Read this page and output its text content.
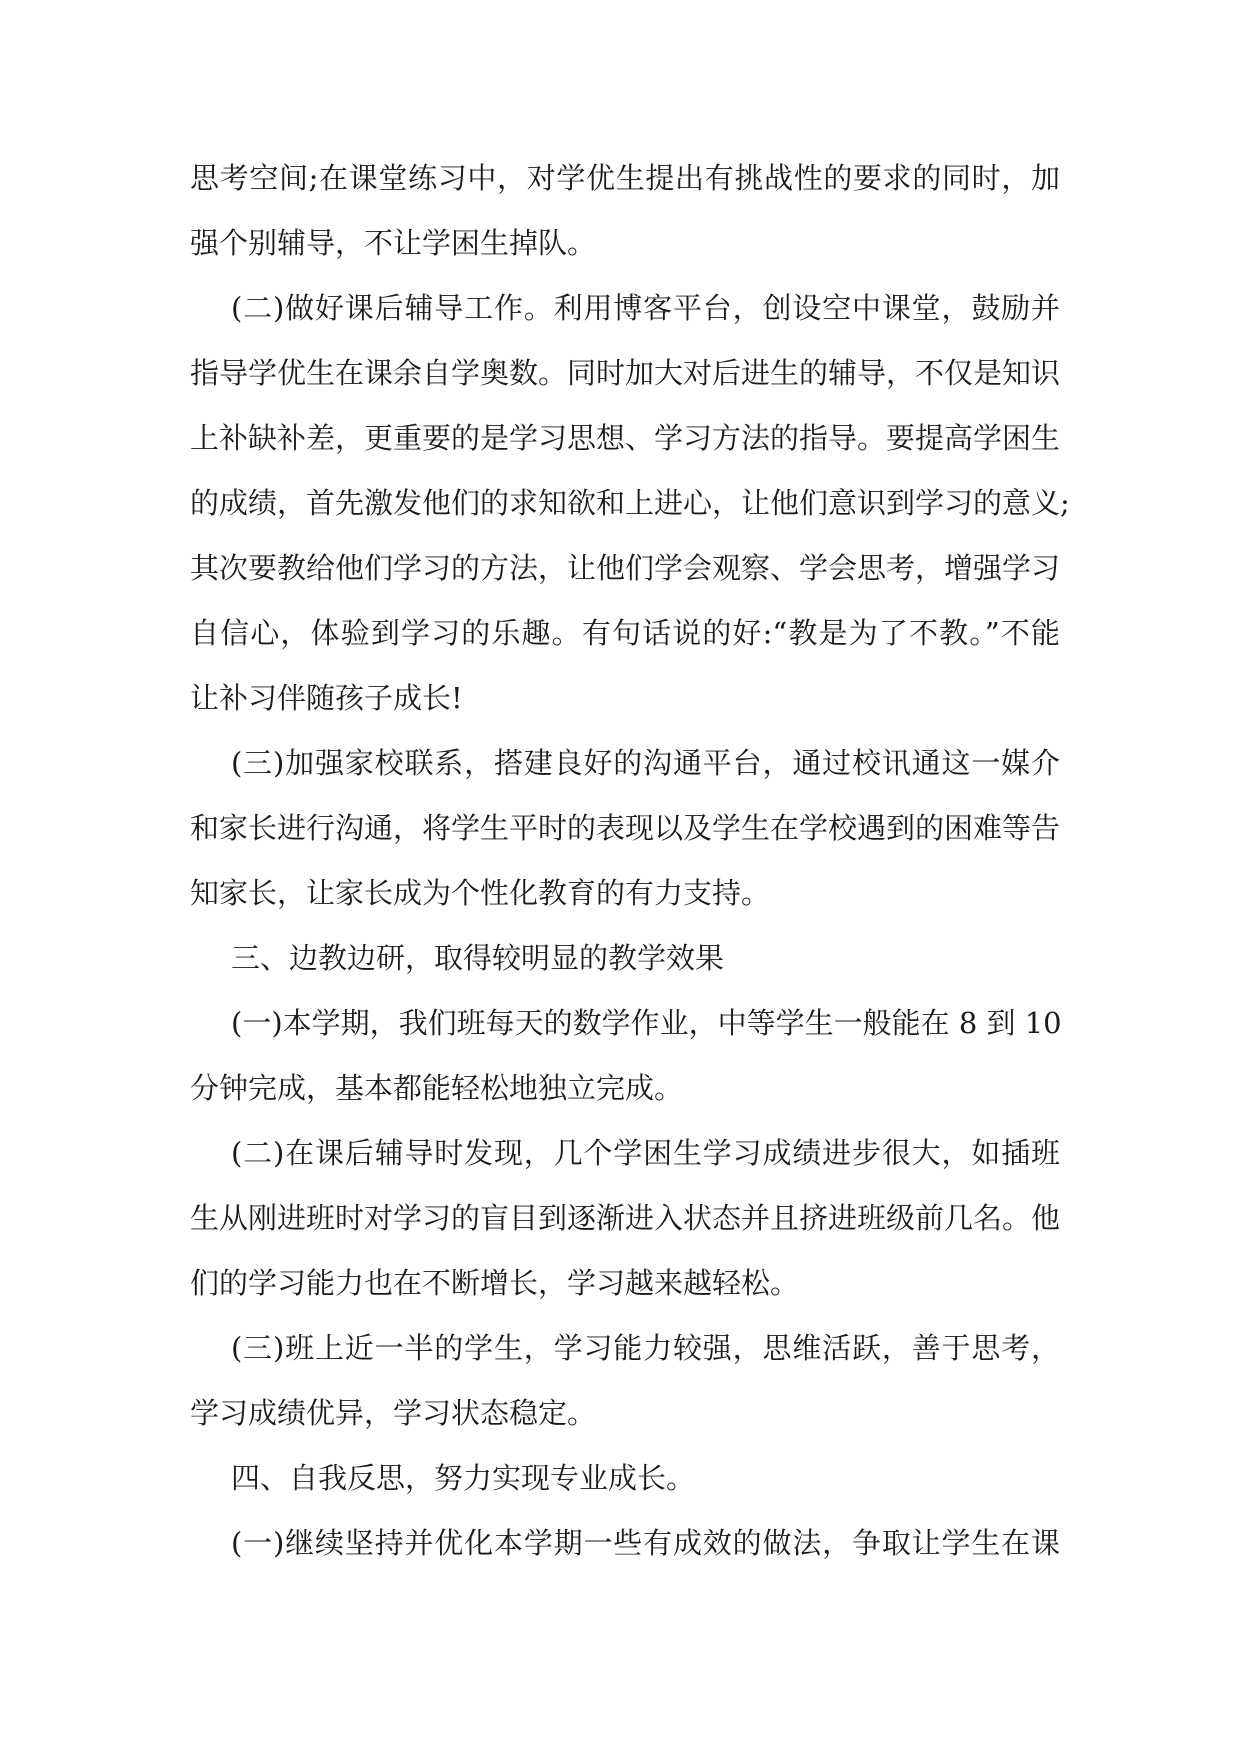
思考空间;在课堂练习中，对学优生提出有挑战性的要求的同时，加
强个别辅导，不让学困生掉队。
(二)做好课后辅导工作。利用博客平台，创设空中课堂，鼓励并
指导学优生在课余自学奥数。同时加大对后进生的辅导，不仅是知识
上补缺补差，更重要的是学习思想、学习方法的指导。要提高学困生
的成绩，首先激发他们的求知欲和上进心，让他们意识到学习的意义;
其次要教给他们学习的方法，让他们学会观察、学会思考，增强学习
自信心，体验到学习的乐趣。有句话说的好:“教是为了不教。”不能
让补习伴随孩子成长!
(三)加强家校联系，搭建良好的沟通平台，通过校讯通这一媒介
和家长进行沟通，将学生平时的表现以及学生在学校遇到的困难等告
知家长，让家长成为个性化教育的有力支持。
三、边教边研，取得较明显的教学效果
(一)本学期，我们班每天的数学作业，中等学生一般能在 8 到 10
分钟完成，基本都能轻松地独立完成。
(二)在课后辅导时发现，几个学困生学习成绩进步很大，如插班
生从刚进班时对学习的盲目到逐渐进入状态并且挤进班级前几名。他
们的学习能力也在不断增长，学习越来越轻松。
(三)班上近一半的学生，学习能力较强，思维活跃，善于思考，
学习成绩优异，学习状态稳定。
四、自我反思，努力实现专业成长。
(一)继续坚持并优化本学期一些有成效的做法，争取让学生在课
